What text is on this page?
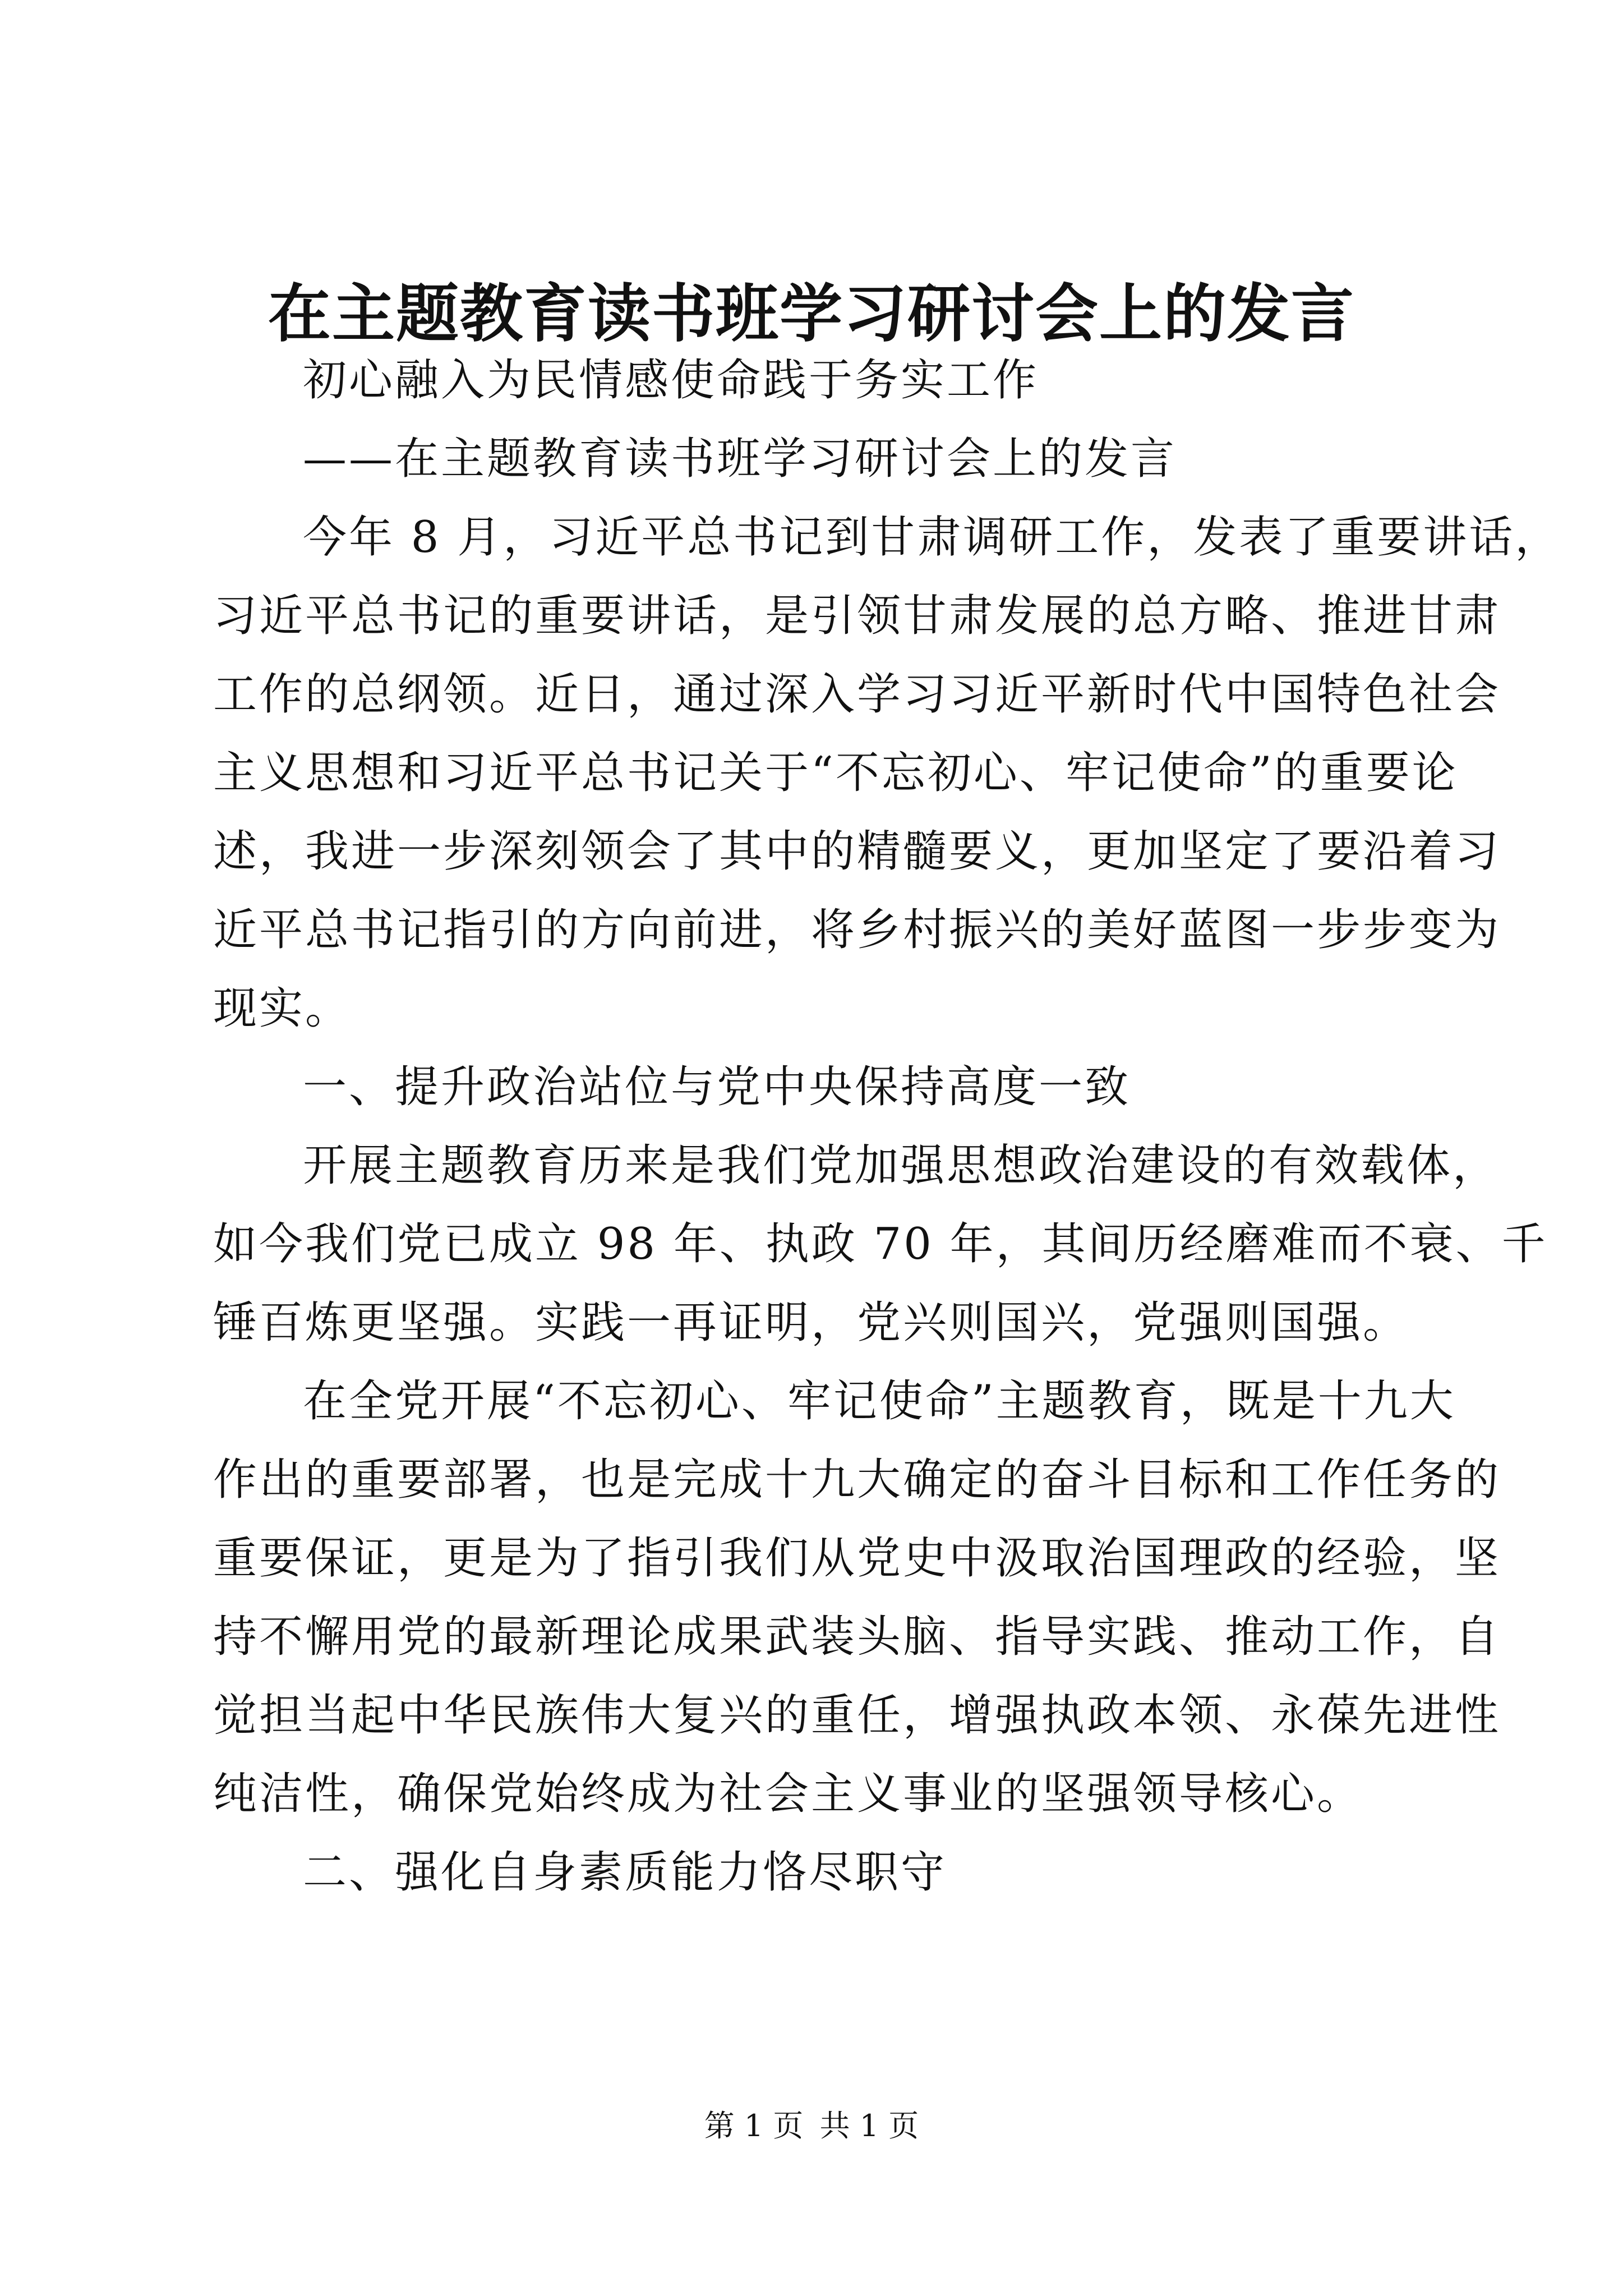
在主题教育读书班学习研讨会上的发言
初心融入为民情感使命践于务实工作
——在主题教育读书班学习研讨会上的发言
今年 8 月，习近平总书记到甘肃调研工作，发表了重要讲话，
习近平总书记的重要讲话，是引领甘肃发展的总方略、推进甘肃
工作的总纲领。近日，通过深入学习习近平新时代中国特色社会
主义思想和习近平总书记关于“不忘初心、牢记使命”的重要论
述，我进一步深刻领会了其中的精髓要义，更加坚定了要沿着习
近平总书记指引的方向前进，将乡村振兴的美好蓝图一步步变为
现实。
一、提升政治站位与党中央保持高度一致
开展主题教育历来是我们党加强思想政治建设的有效载体，
如今我们党已成立 98 年、执政 70 年，其间历经磨难而不衰、千
锤百炼更坚强。实践一再证明，党兴则国兴，党强则国强。
在全党开展“不忘初心、牢记使命”主题教育，既是十九大
作出的重要部署，也是完成十九大确定的奋斗目标和工作任务的
重要保证，更是为了指引我们从党史中汲取治国理政的经验，坚
持不懈用党的最新理论成果武装头脑、指导实践、推动工作，自
觉担当起中华民族伟大复兴的重任，增强执政本领、永葆先进性
纯洁性，确保党始终成为社会主义事业的坚强领导核心。
二、强化自身素质能力恪尽职守
第 1 页 共 1 页
